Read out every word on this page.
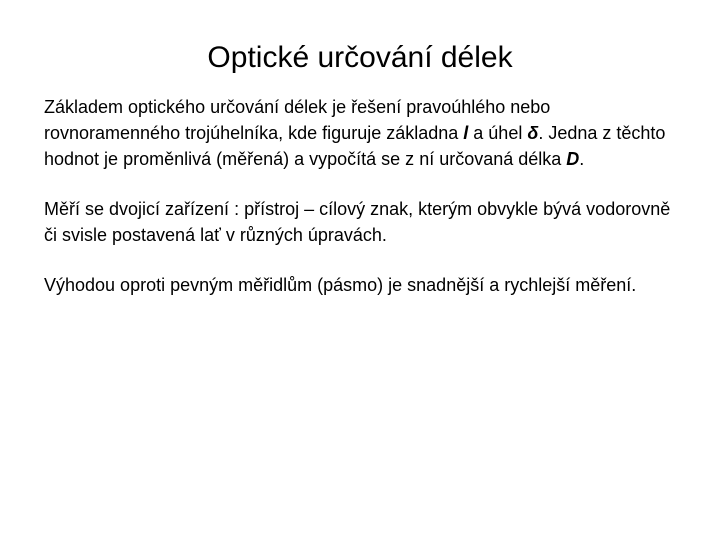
Optické určování délek

Základem optického určování délek je řešení pravoúhlého nebo rovnoramenného trojúhelníka, kde figuruje základna l a úhel δ. Jedna z těchto hodnot je proměnlivá (měřená) a vypočítá se z ní určovaná délka D.

Měří se dvojicí zařízení : přístroj – cílový znak, kterým obvykle bývá vodorovně či svisle postavená lať v různých úpravách.

Výhodou oproti pevným měřidlům (pásmo) je snadnější a rychlejší měření.
